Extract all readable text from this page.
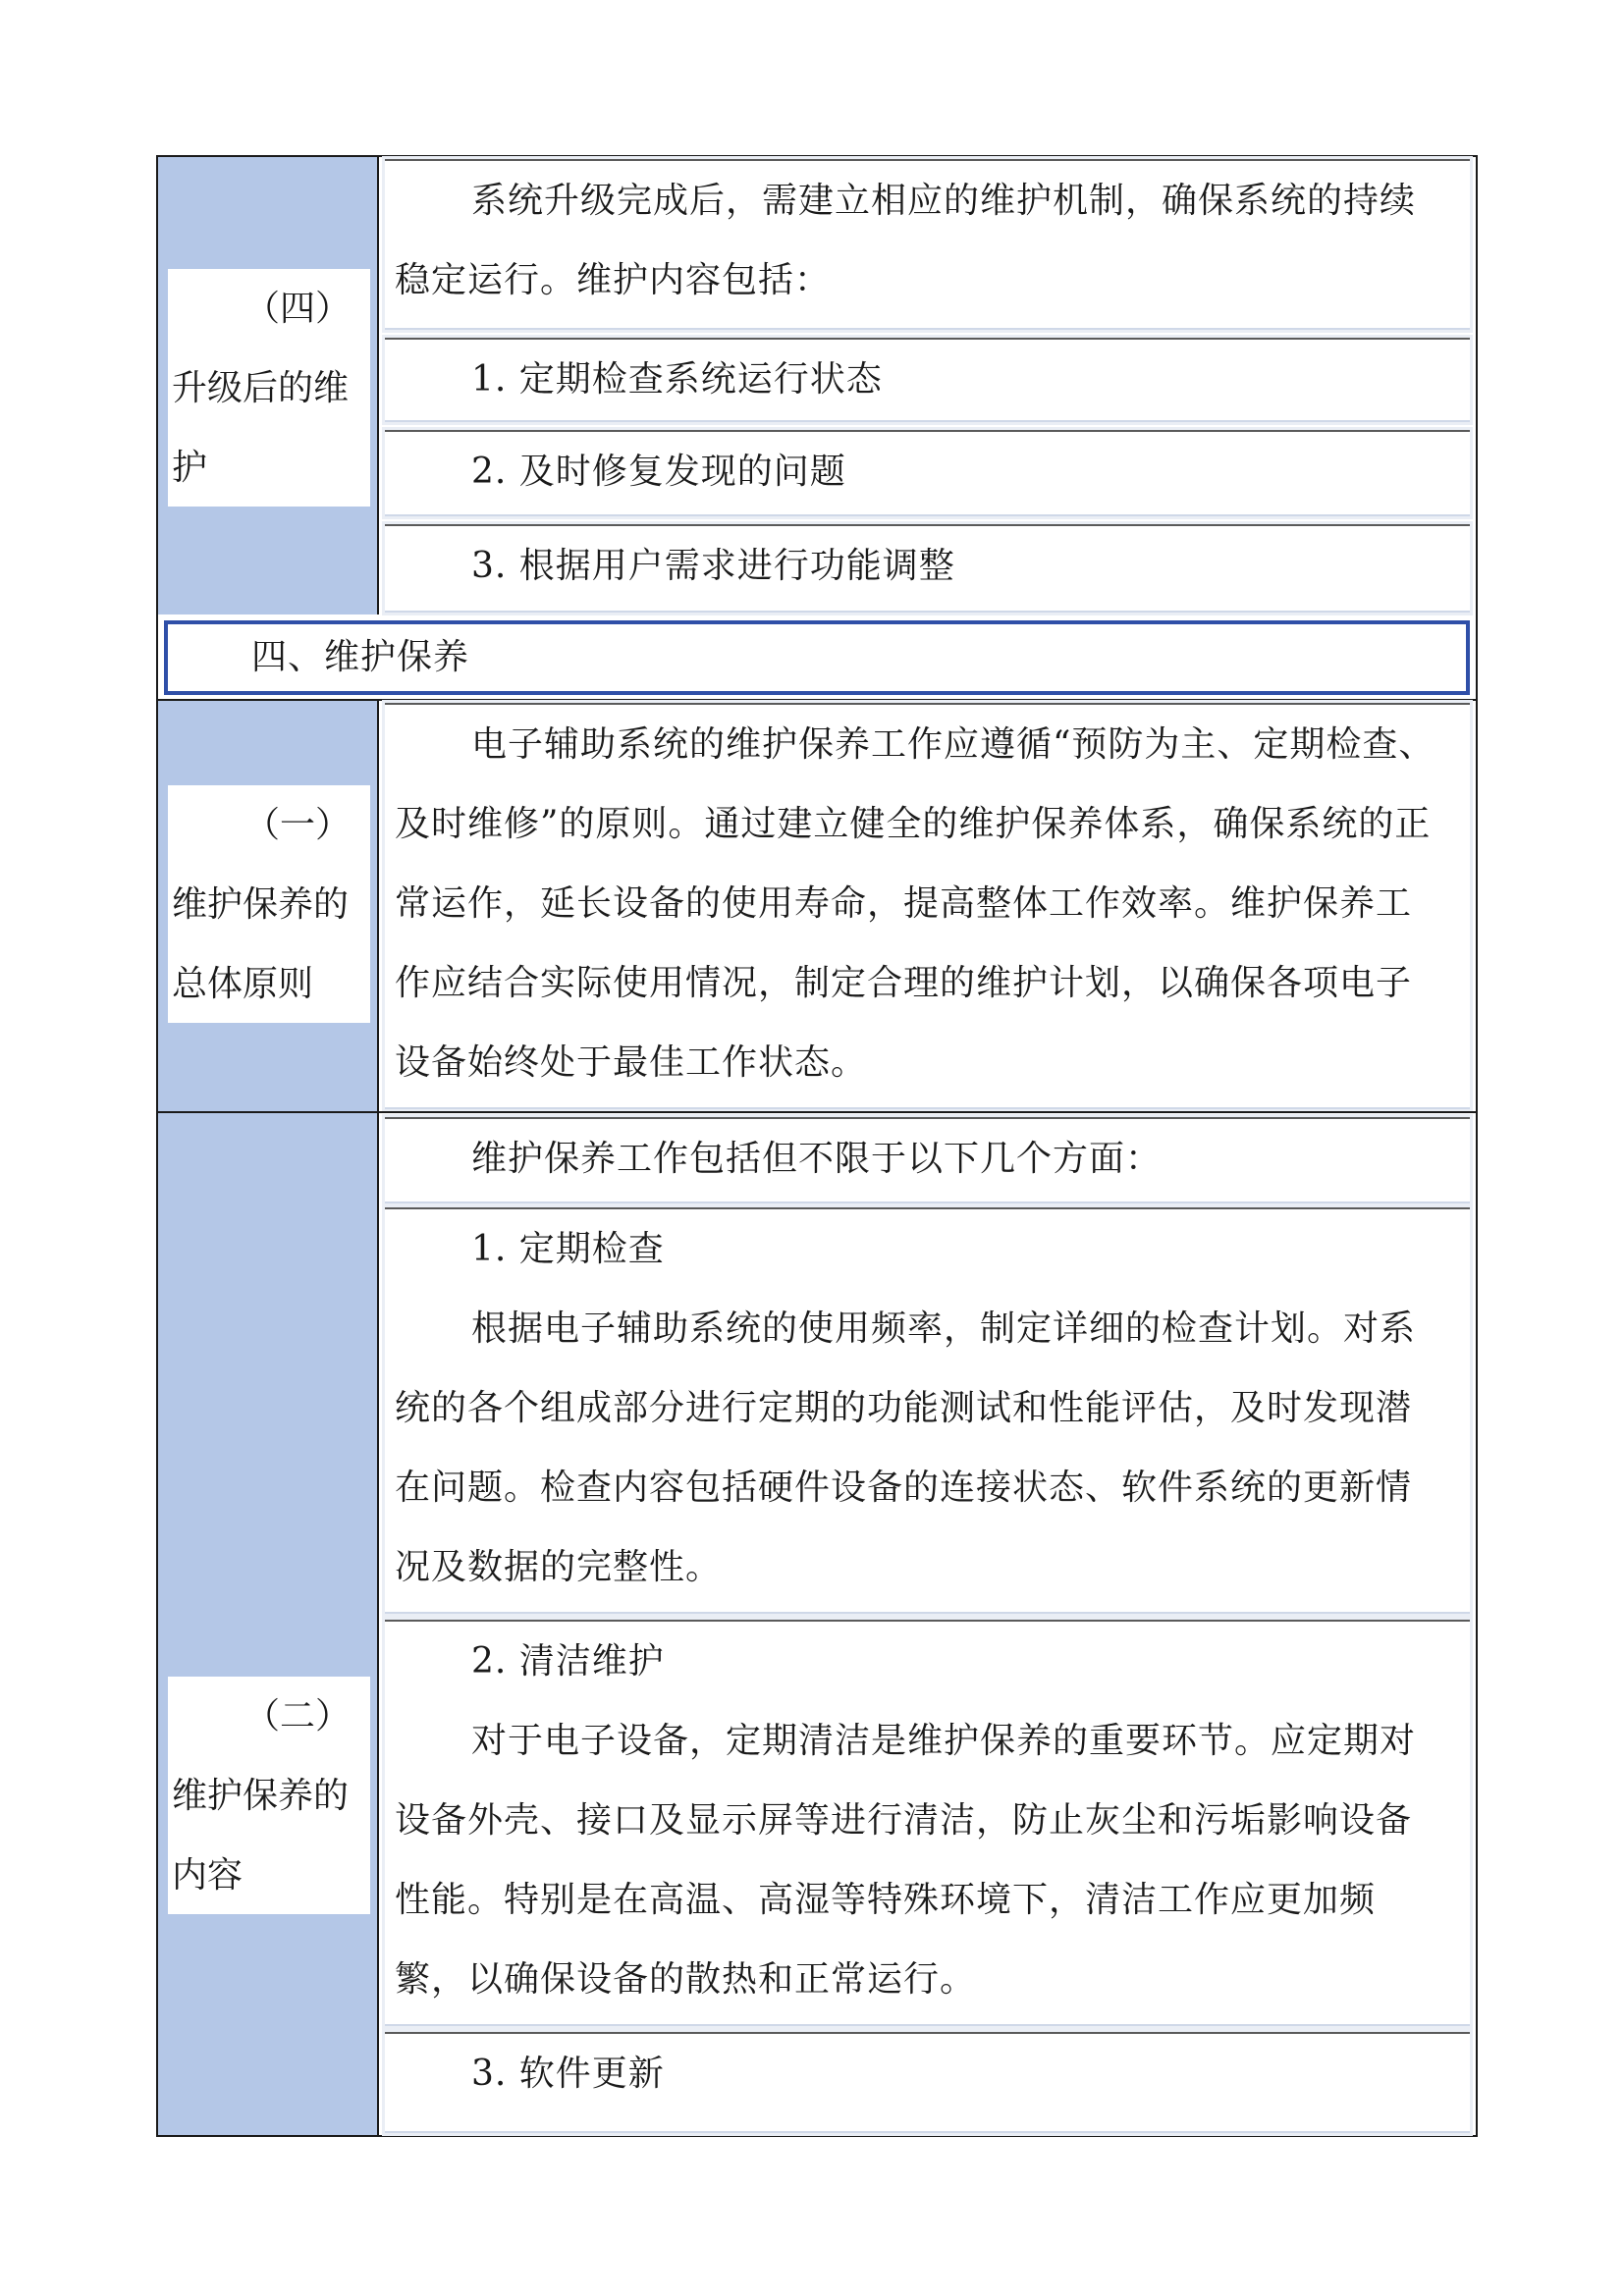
（四）
升级后的维
护

系统升级完成后，需建立相应的维护机制，确保系统的持续稳定运行。维护内容包括：

1. 定期检查系统运行状态
2. 及时修复发现的问题
3. 根据用户需求进行功能调整
四、维护保养
（一）
维护保养的
总体原则

电子辅助系统的维护保养工作应遵循“预防为主、定期检查、及时维修”的原则。通过建立健全的维护保养体系，确保系统的正常运作，延长设备的使用寿命，提高整体工作效率。维护保养工作应结合实际使用情况，制定合理的维护计划，以确保各项电子设备始终处于最佳工作状态。

（二）
维护保养的
内容
维护保养工作包括但不限于以下几个方面：
1. 定期检查

根据电子辅助系统的使用频率，制定详细的检查计划。对系统的各个组成部分进行定期的功能测试和性能评估，及时发现潜在问题。检查内容包括硬件设备的连接状态、软件系统的更新情况及数据的完整性。

2. 清洁维护

对于电子设备，定期清洁是维护保养的重要环节。应定期对设备外壳、接口及显示屏等进行清洁，防止灰尘和污垢影响设备性能。特别是在高温、高湿等特殊环境下，清洁工作应更加频繁，以确保设备的散热和正常运行。

3. 软件更新
